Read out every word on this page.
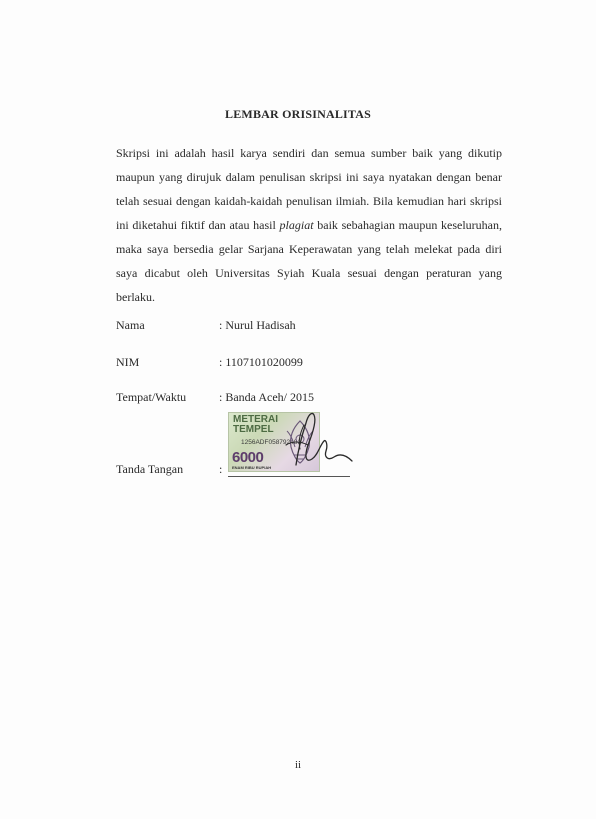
LEMBAR ORISINALITAS
Skripsi ini adalah hasil karya sendiri dan semua sumber baik yang dikutip maupun yang dirujuk dalam penulisan skripsi ini saya nyatakan dengan benar telah sesuai dengan kaidah-kaidah penulisan ilmiah. Bila kemudian hari skripsi ini diketahui fiktif dan atau hasil plagiat baik sebahagian maupun keseluruhan, maka saya bersedia gelar Sarjana Keperawatan yang telah melekat pada diri saya dicabut oleh Universitas Syiah Kuala sesuai dengan peraturan yang berlaku.
Nama	: Nurul Hadisah
NIM	: 1107101020099
Tempat/Waktu	: Banda Aceh/ 2015
Tanda Tangan	:
METERAI
TEMPEL
1256ADF058792481
6000
ENAM RIBU RUPIAH
ii
